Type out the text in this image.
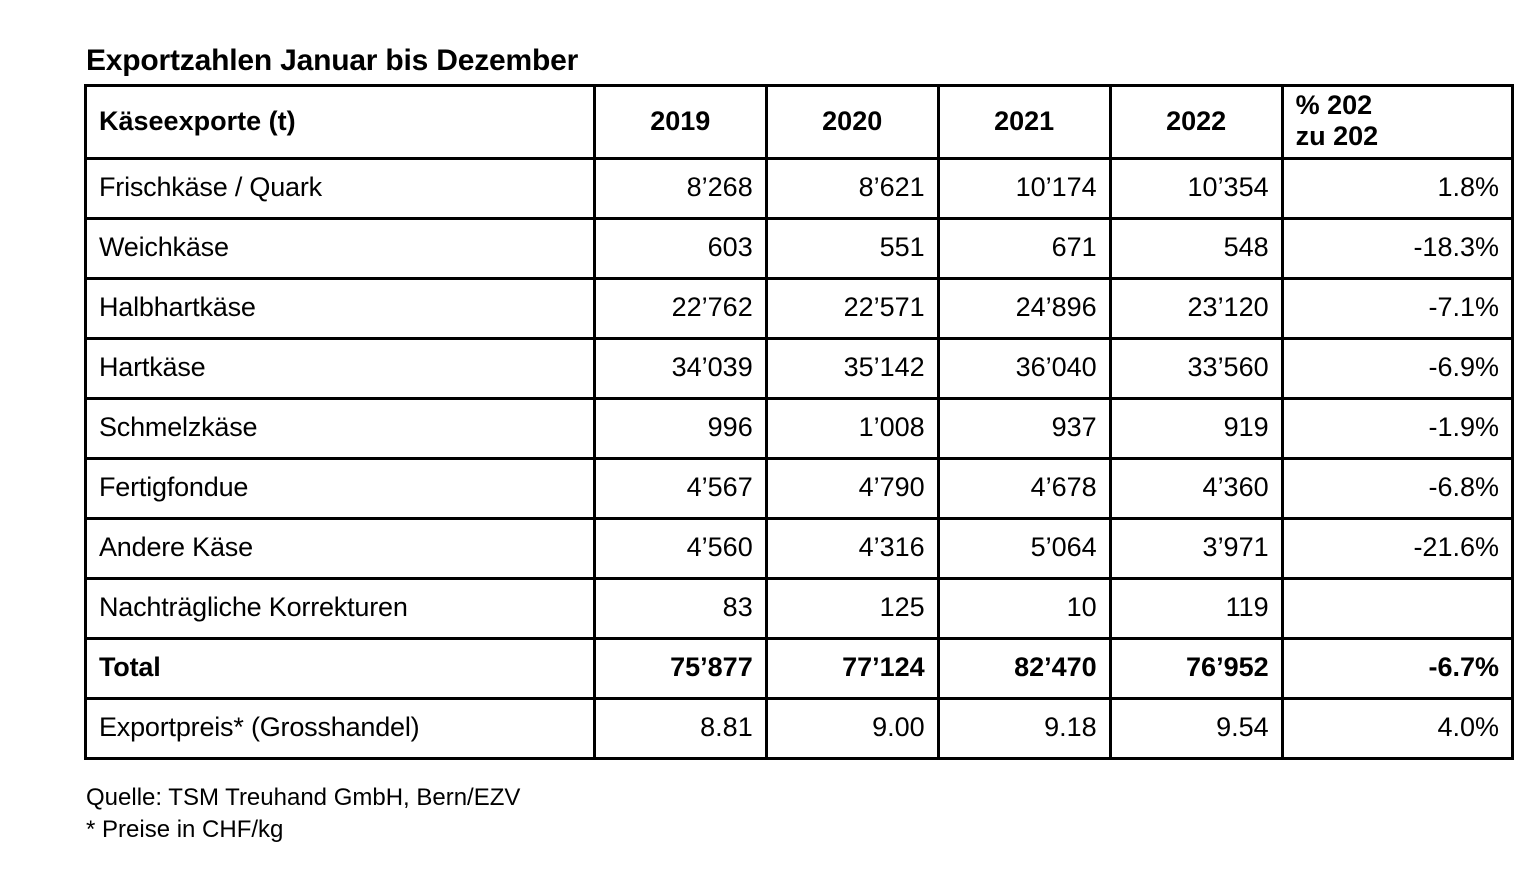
Exportzahlen Januar bis Dezember
Käseexporte (t)	2019	2020	2021	2022	% 202
zu 202
Frischkäse / Quark	8’268	8’621	10’174	10’354	1.8%
Weichkäse	603	551	671	548	-18.3%
Halbhartkäse	22’762	22’571	24’896	23’120	-7.1%
Hartkäse	34’039	35’142	36’040	33’560	-6.9%
Schmelzkäse	996	1’008	937	919	-1.9%
Fertigfondue	4’567	4’790	4’678	4’360	-6.8%
Andere Käse	4’560	4’316	5’064	3’971	-21.6%
Nachträgliche Korrekturen	83	125	10	119	
Total	75’877	77’124	82’470	76’952	-6.7%
Exportpreis* (Grosshandel)	8.81	9.00	9.18	9.54	4.0%
Quelle: TSM Treuhand GmbH, Bern/EZV
* Preise in CHF/kg
